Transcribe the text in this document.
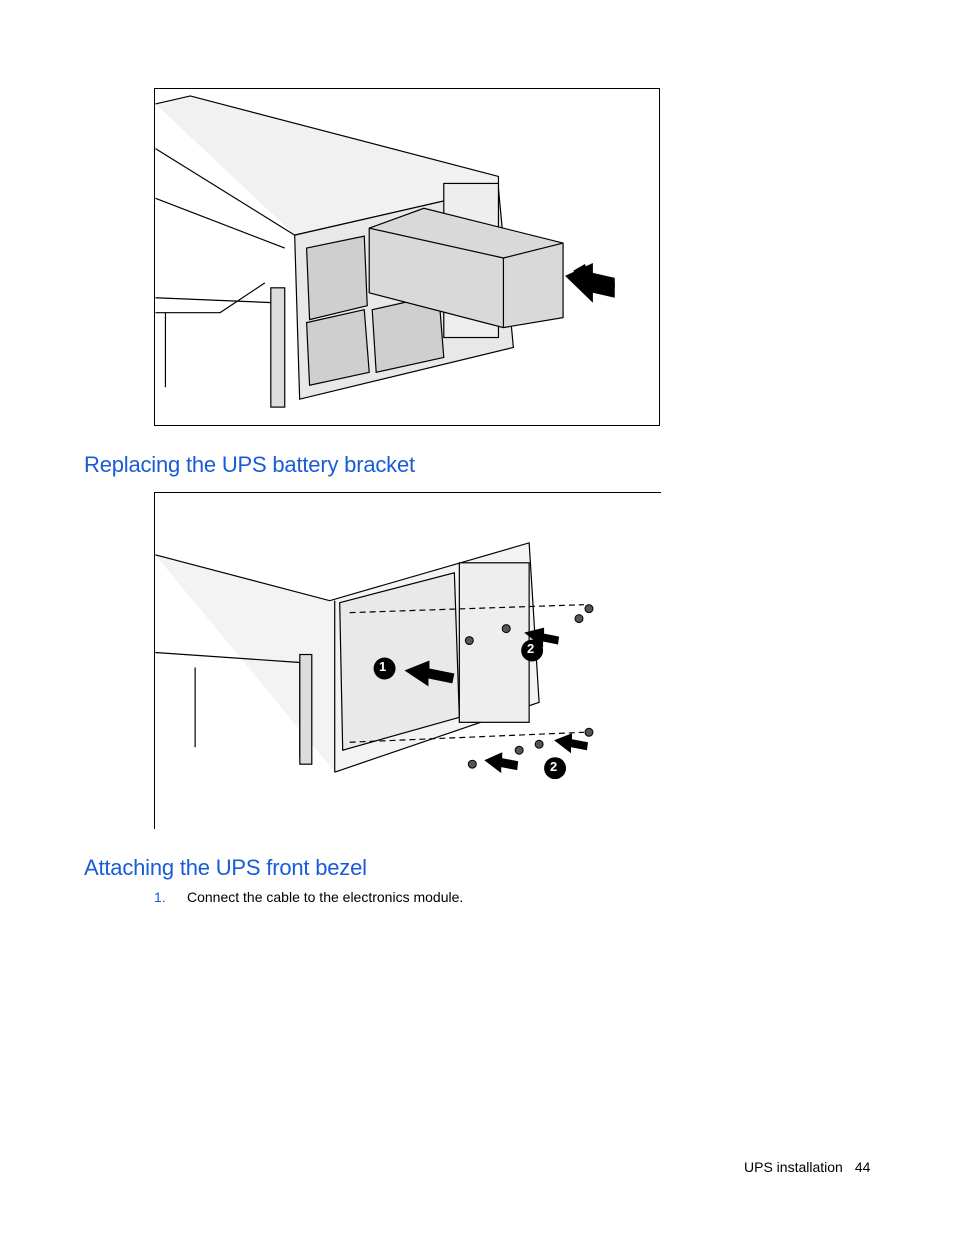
Replacing the UPS battery bracket
1
2
2
Attaching the UPS front bezel
1. Connect the cable to the electronics module.
UPS installation 44
